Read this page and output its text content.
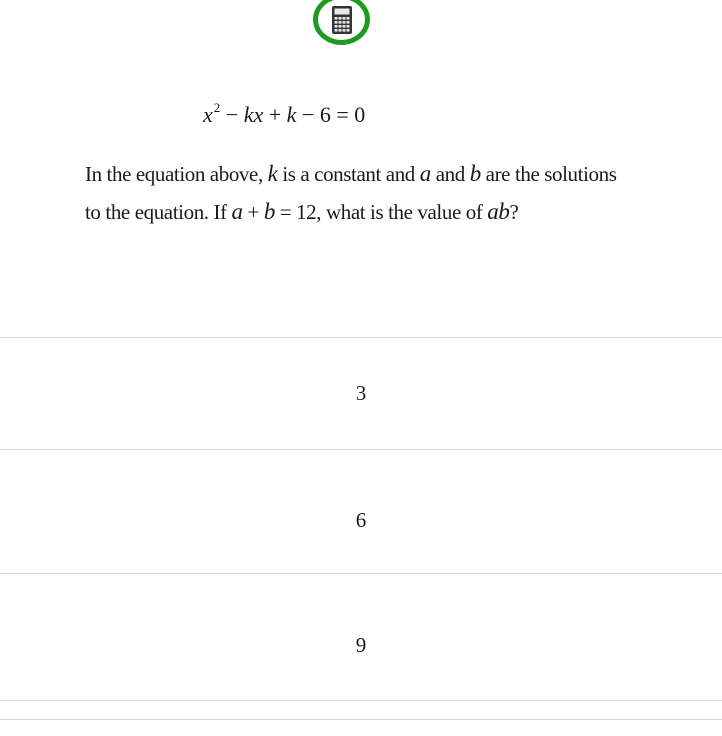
$x^2$ − kx + k − 6 = 0
In the equation above, k is a constant and a and b are the solutions to the equation. If a + b = 12, what is the value of ab?
3
6
9
